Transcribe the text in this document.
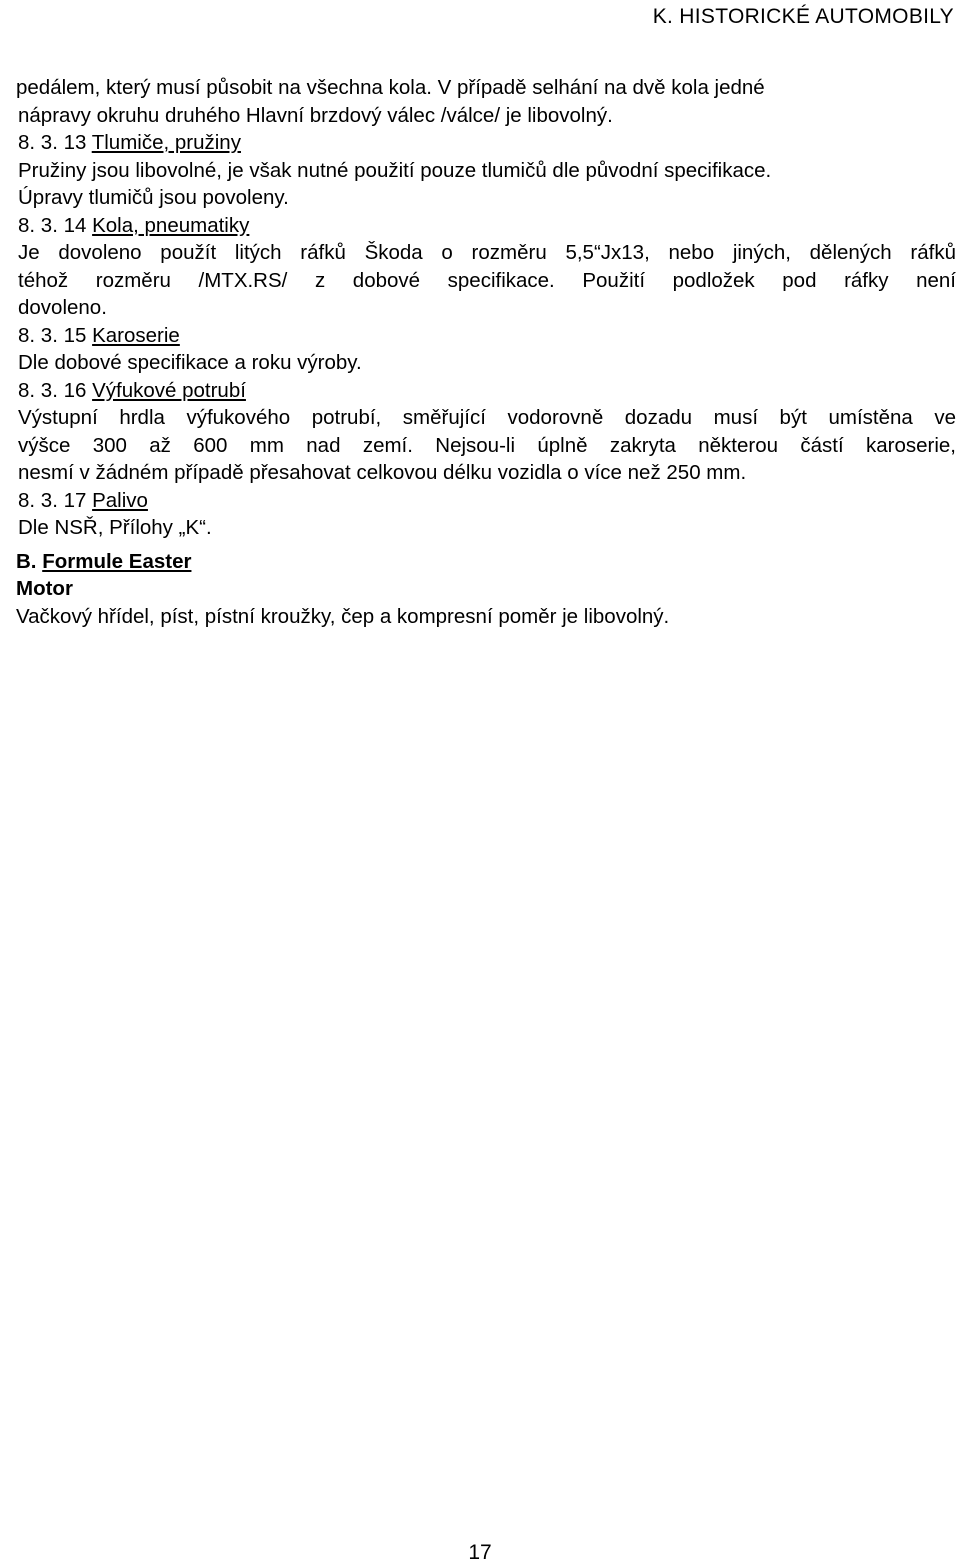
K. HISTORICKÉ AUTOMOBILY

pedálem, který musí působit na všechna kola. V případě selhání na dvě kola jedné

nápravy okruhu druhého Hlavní brzdový válec /válce/ je libovolný.

8. 3. 13 Tlumiče, pružiny

Pružiny jsou libovolné, je však nutné použití pouze tlumičů dle původní specifikace.

Úpravy tlumičů jsou povoleny.

8. 3. 14 Kola, pneumatiky

Je dovoleno použít litých ráfků Škoda o rozměru 5,5“Jx13, nebo jiných, dělených ráfků

téhož rozměru /MTX.RS/ z dobové specifikace. Použití podložek pod ráfky není

dovoleno.

8. 3. 15 Karoserie

Dle dobové specifikace a roku výroby.

8. 3. 16 Výfukové potrubí

Výstupní hrdla výfukového potrubí, směřující vodorovně dozadu musí být umístěna ve

výšce 300 až 600 mm nad zemí. Nejsou-li úplně zakryta některou částí karoserie,

nesmí v žádném případě přesahovat celkovou délku vozidla o více než 250 mm.

8. 3. 17 Palivo

Dle NSŘ, Přílohy „K“.

B. Formule Easter

Motor

Vačkový hřídel, píst, pístní kroužky, čep a kompresní poměr je libovolný.

17
